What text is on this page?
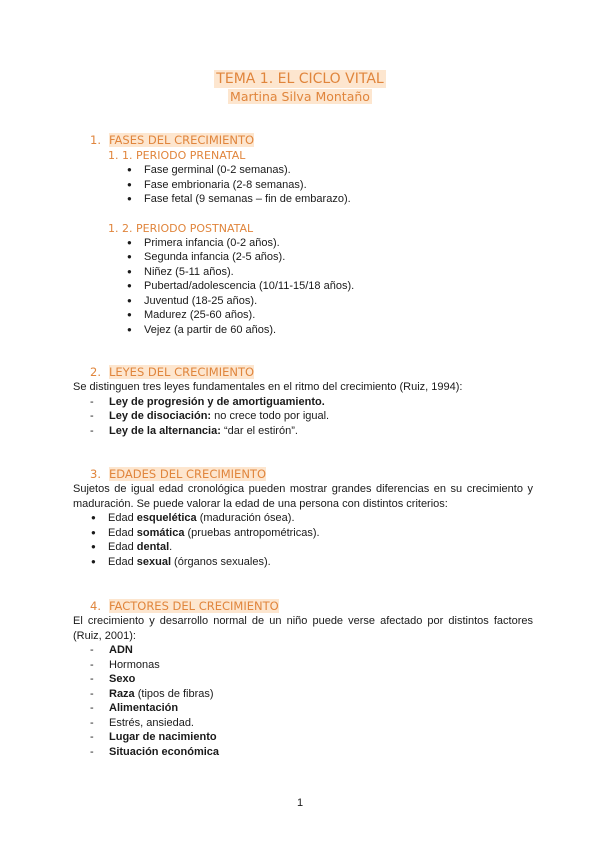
TEMA 1. EL CICLO VITAL
Martina Silva Montaño
1. FASES DEL CRECIMIENTO
1. 1. PERIODO PRENATAL
● Fase germinal (0-2 semanas).
● Fase embrionaria (2-8 semanas).
● Fase fetal (9 semanas – fin de embarazo).
1. 2. PERIODO POSTNATAL
● Primera infancia (0-2 años).
● Segunda infancia (2-5 años).
● Niñez (5-11 años).
● Pubertad/adolescencia (10/11-15/18 años).
● Juventud (18-25 años).
● Madurez (25-60 años).
● Vejez (a partir de 60 años).
2. LEYES DEL CRECIMIENTO
Se distinguen tres leyes fundamentales en el ritmo del crecimiento (Ruiz, 1994):
- Ley de progresión y de amortiguamiento.
- Ley de disociación: no crece todo por igual.
- Ley de la alternancia: “dar el estirón”.
3. EDADES DEL CRECIMIENTO
Sujetos de igual edad cronológica pueden mostrar grandes diferencias en su crecimiento y maduración. Se puede valorar la edad de una persona con distintos criterios:
● Edad esquelética (maduración ósea).
● Edad somática (pruebas antropométricas).
● Edad dental.
● Edad sexual (órganos sexuales).
4. FACTORES DEL CRECIMIENTO
El crecimiento y desarrollo normal de un niño puede verse afectado por distintos factores (Ruiz, 2001):
- ADN
- Hormonas
- Sexo
- Raza (tipos de fibras)
- Alimentación
- Estrés, ansiedad.
- Lugar de nacimiento
- Situación económica
1
